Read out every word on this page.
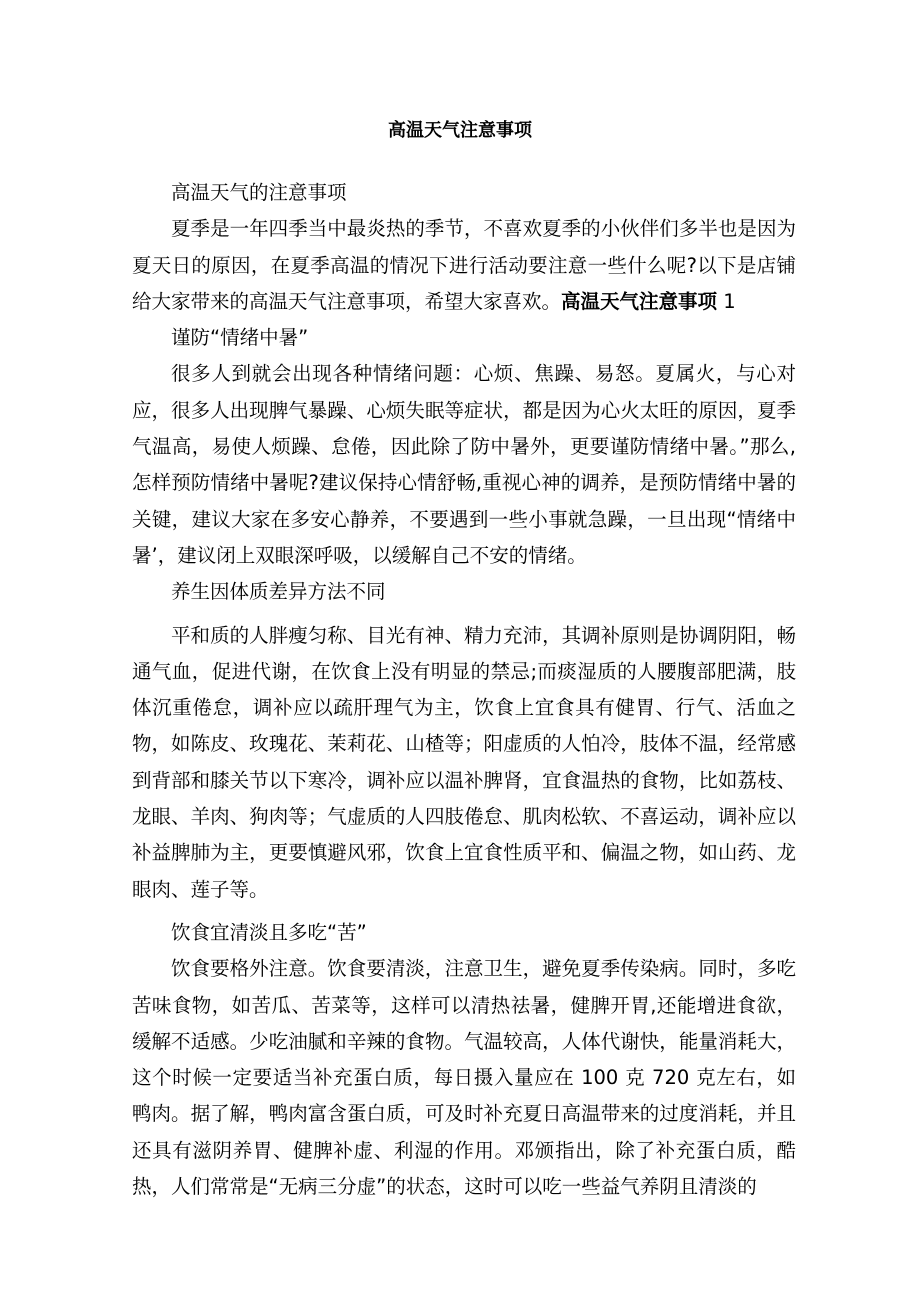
高温天气注意事项

高温天气的注意事项

夏季是一年四季当中最炎热的季节，不喜欢夏季的小伙伴们多半也是因为夏天日的原因，在夏季高温的情况下进行活动要注意一些什么呢?以下是店铺给大家带来的高温天气注意事项，希望大家喜欢。高温天气注意事项 1

谨防“情绪中暑”

很多人到就会出现各种情绪问题：心烦、焦躁、易怒。夏属火，与心对应，很多人出现脾气暴躁、心烦失眠等症状，都是因为心火太旺的原因，夏季气温高，易使人烦躁、怠倦，因此除了防中暑外，更要谨防情绪中暑。”那么,怎样预防情绪中暑呢?建议保持心情舒畅,重视心神的调养，是预防情绪中暑的关键，建议大家在多安心静养，不要遇到一些小事就急躁，一旦出现“情绪中暑’，建议闭上双眼深呼吸，以缓解自己不安的情绪。

养生因体质差异方法不同

平和质的人胖瘦匀称、目光有神、精力充沛，其调补原则是协调阴阳，畅通气血，促进代谢，在饮食上没有明显的禁忌;而痰湿质的人腰腹部肥满，肢体沉重倦怠，调补应以疏肝理气为主，饮食上宜食具有健胃、行气、活血之物，如陈皮、玫瑰花、茉莉花、山楂等；阳虚质的人怕冷，肢体不温，经常感到背部和膝关节以下寒冷，调补应以温补脾肾，宜食温热的食物，比如荔枝、龙眼、羊肉、狗肉等；气虚质的人四肢倦怠、肌肉松软、不喜运动，调补应以补益脾肺为主，更要慎避风邪，饮食上宜食性质平和、偏温之物，如山药、龙眼肉、莲子等。

饮食宜清淡且多吃“苦”

饮食要格外注意。饮食要清淡，注意卫生，避免夏季传染病。同时，多吃苦味食物，如苦瓜、苦菜等，这样可以清热祛暑，健脾开胃,还能增进食欲，缓解不适感。少吃油腻和辛辣的食物。气温较高，人体代谢快，能量消耗大，这个时候一定要适当补充蛋白质，每日摄入量应在 100 克 720 克左右，如鸭肉。据了解，鸭肉富含蛋白质，可及时补充夏日高温带来的过度消耗，并且还具有滋阴养胃、健脾补虚、利湿的作用。邓颁指出，除了补充蛋白质，酷热，人们常常是“无病三分虚”的状态，这时可以吃一些益气养阴且清淡的
